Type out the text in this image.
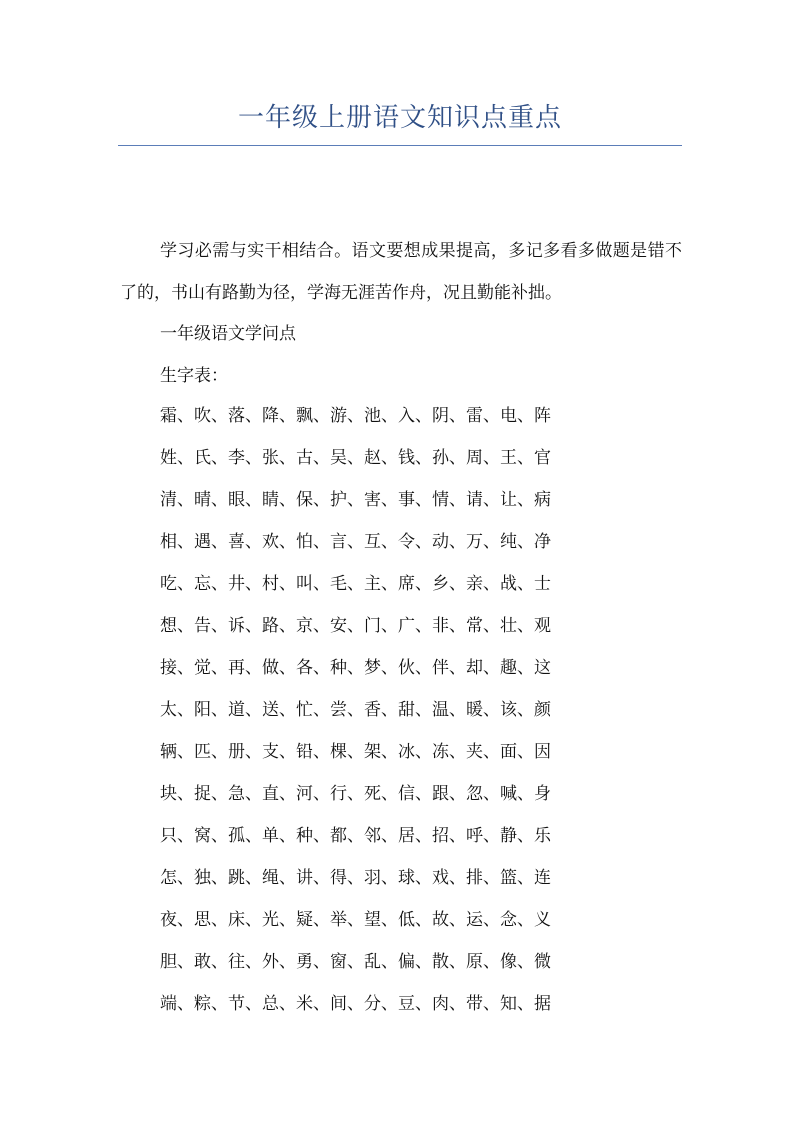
一年级上册语文知识点重点
学习必需与实干相结合。语文要想成果提高，多记多看多做题是错不了的，书山有路勤为径，学海无涯苦作舟，况且勤能补拙。
一年级语文学问点
生字表：
霜、吹、落、降、飘、游、池、入、阴、雷、电、阵
姓、氏、李、张、古、吴、赵、钱、孙、周、王、官
清、晴、眼、睛、保、护、害、事、情、请、让、病
相、遇、喜、欢、怕、言、互、令、动、万、纯、净
吃、忘、井、村、叫、毛、主、席、乡、亲、战、士
想、告、诉、路、京、安、门、广、非、常、壮、观
接、觉、再、做、各、种、梦、伙、伴、却、趣、这
太、阳、道、送、忙、尝、香、甜、温、暖、该、颜
辆、匹、册、支、铅、棵、架、冰、冻、夹、面、因
块、捉、急、直、河、行、死、信、跟、忽、喊、身
只、窝、孤、单、种、都、邻、居、招、呼、静、乐
怎、独、跳、绳、讲、得、羽、球、戏、排、篮、连
夜、思、床、光、疑、举、望、低、故、运、念、义
胆、敢、往、外、勇、窗、乱、偏、散、原、像、微
端、粽、节、总、米、间、分、豆、肉、带、知、据
